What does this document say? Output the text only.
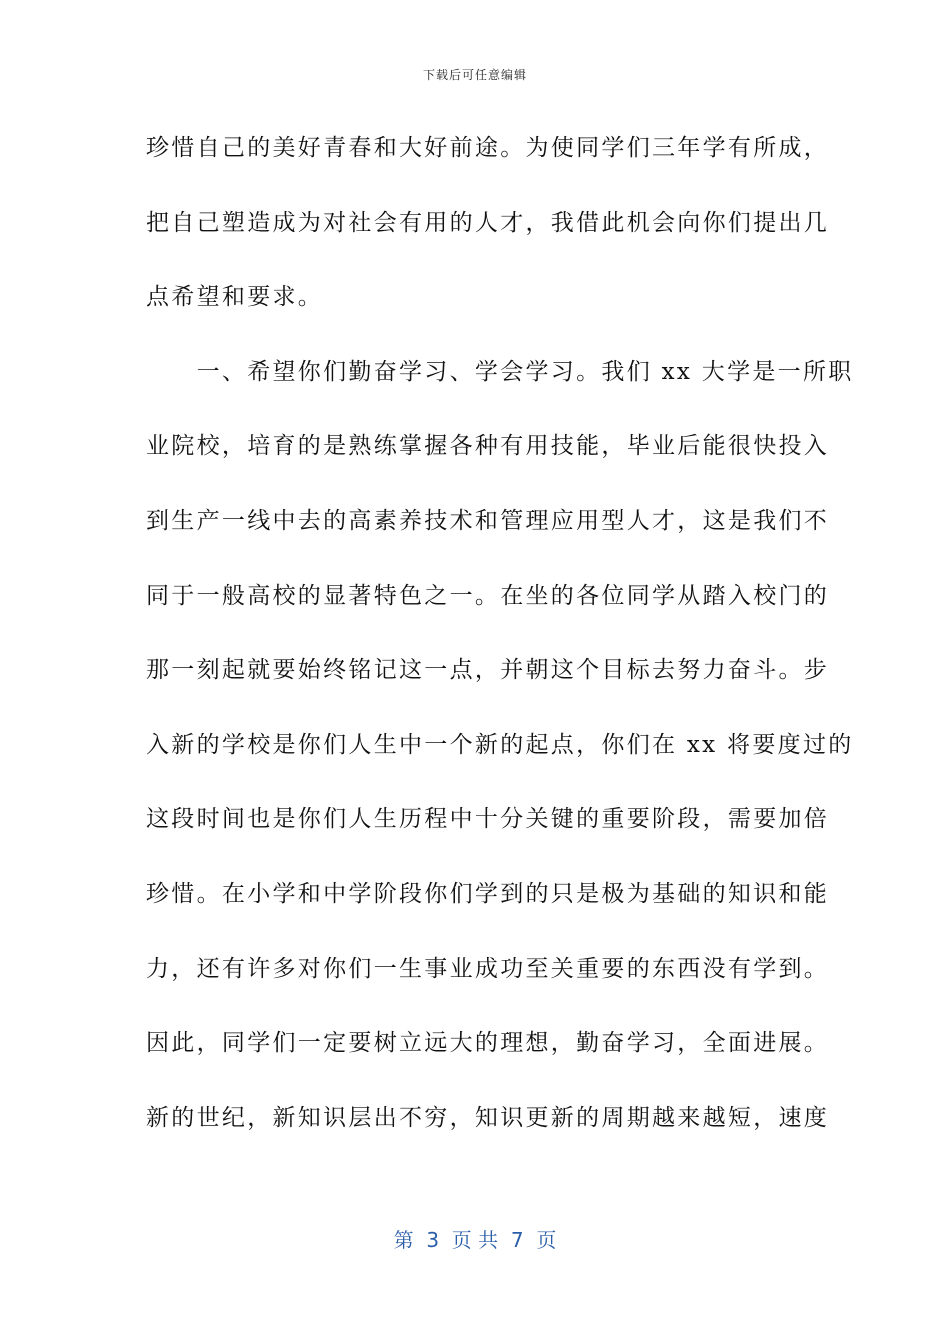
下载后可任意编辑
珍惜自己的美好青春和大好前途。为使同学们三年学有所成，
把自己塑造成为对社会有用的人才，我借此机会向你们提出几
点希望和要求。
　　一、希望你们勤奋学习、学会学习。我们 xx 大学是一所职
业院校，培育的是熟练掌握各种有用技能，毕业后能很快投入
到生产一线中去的高素养技术和管理应用型人才，这是我们不
同于一般高校的显著特色之一。在坐的各位同学从踏入校门的
那一刻起就要始终铭记这一点，并朝这个目标去努力奋斗。步
入新的学校是你们人生中一个新的起点，你们在 xx 将要度过的
这段时间也是你们人生历程中十分关键的重要阶段，需要加倍
珍惜。在小学和中学阶段你们学到的只是极为基础的知识和能
力，还有许多对你们一生事业成功至关重要的东西没有学到。
因此，同学们一定要树立远大的理想，勤奋学习，全面进展。
新的世纪，新知识层出不穷，知识更新的周期越来越短，速度
第  3  页 共  7  页
